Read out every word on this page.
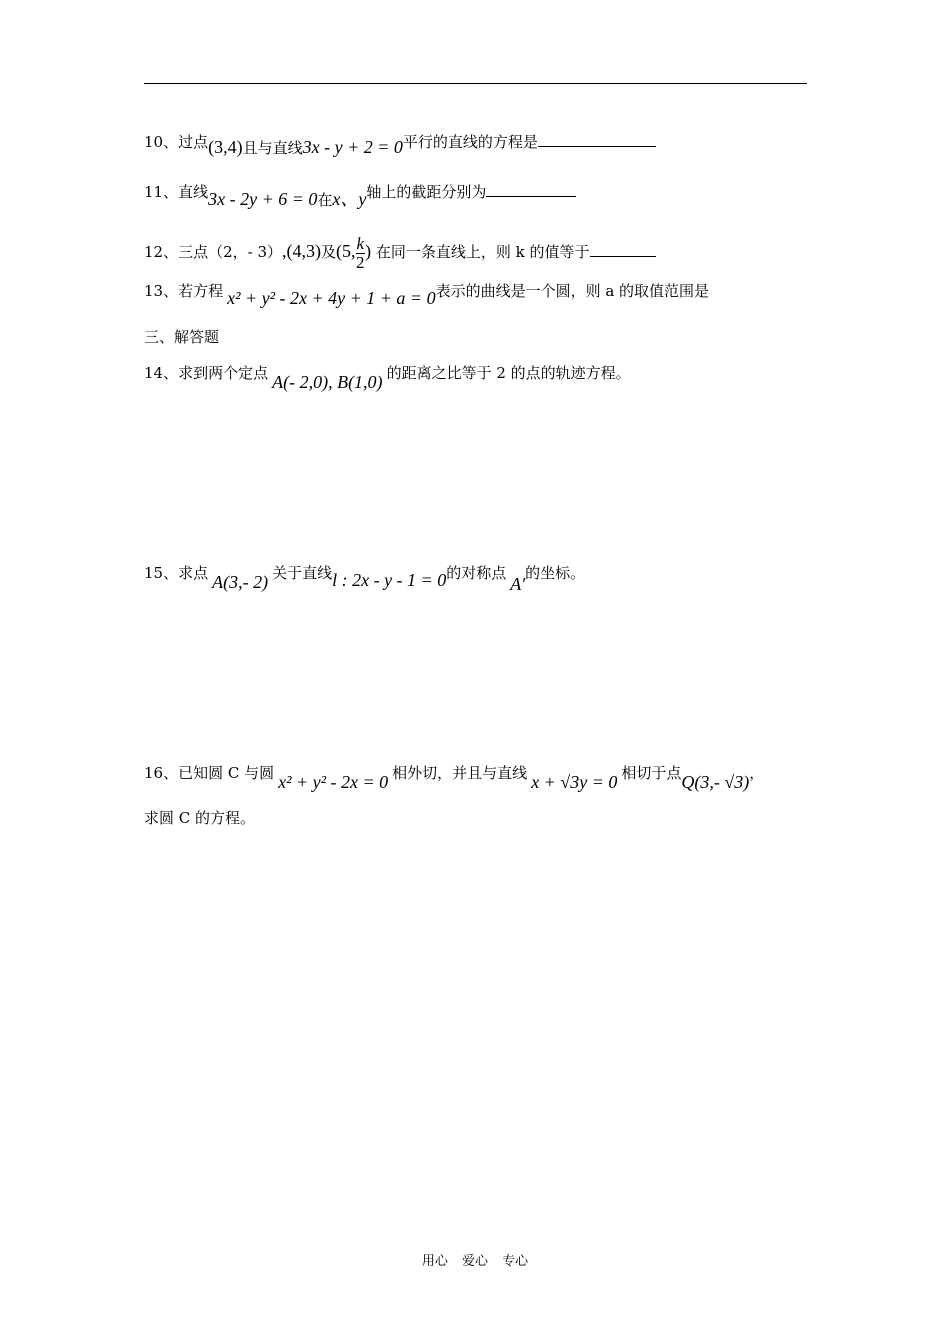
10、过点(3,4)且与直线3x - y + 2 = 0平行的直线的方程是
11、直线3x - 2y + 6 = 0在x、y轴上的截距分别为
12、三点（2，- 3）,(4,3)及(5, $\frac{k}{2}$ ) 在同一条直线上，则 k 的值等于
13、若方程 x² + y² - 2x + 4y + 1 + a = 0表示的曲线是一个圆，则 a 的取值范围是
三、解答题
14、求到两个定点 A(- 2,0), B(1,0) 的距离之比等于 2 的点的轨迹方程。
15、求点 A(3,- 2) 关于直线l : 2x - y - 1 = 0的对称点A′的坐标。
16、已知圆 C 与圆 x² + y² - 2x = 0 相外切，并且与直线 x + √3y = 0 相切于点Q(3,- √3)，
求圆 C 的方程。
用心 爱心 专心
